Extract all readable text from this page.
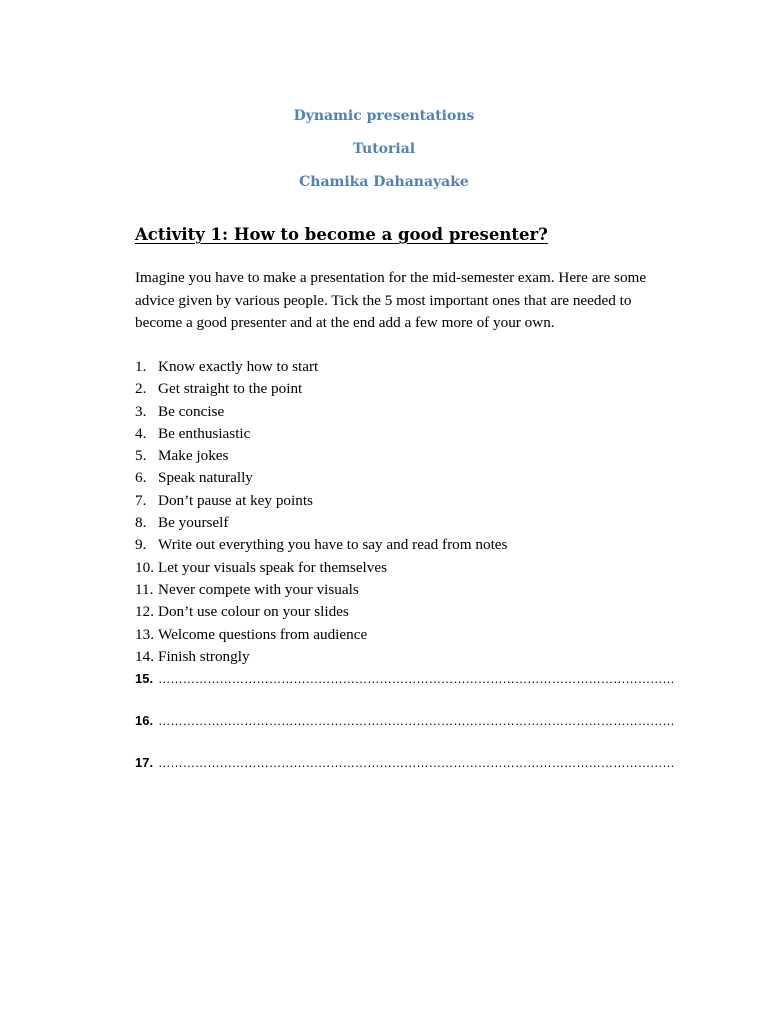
Dynamic presentations
Tutorial
Chamika Dahanayake
Activity 1: How to become a good presenter?
Imagine you have to make a presentation for the mid-semester exam. Here are some advice given by various people. Tick the 5 most important ones that are needed to become a good presenter and at the end add a few more of your own.
1. Know exactly how to start
2. Get straight to the point
3. Be concise
4. Be enthusiastic
5. Make jokes
6. Speak naturally
7. Don’t pause at key points
8. Be yourself
9. Write out everything you have to say and read from notes
10. Let your visuals speak for themselves
11. Never compete with your visuals
12. Don’t use colour on your slides
13. Welcome questions from audience
14. Finish strongly
15. ………………………………………………………………………………………………………………
16. ………………………………………………………………………………………………………………
17. ………………………………………………………………………………………………………………
